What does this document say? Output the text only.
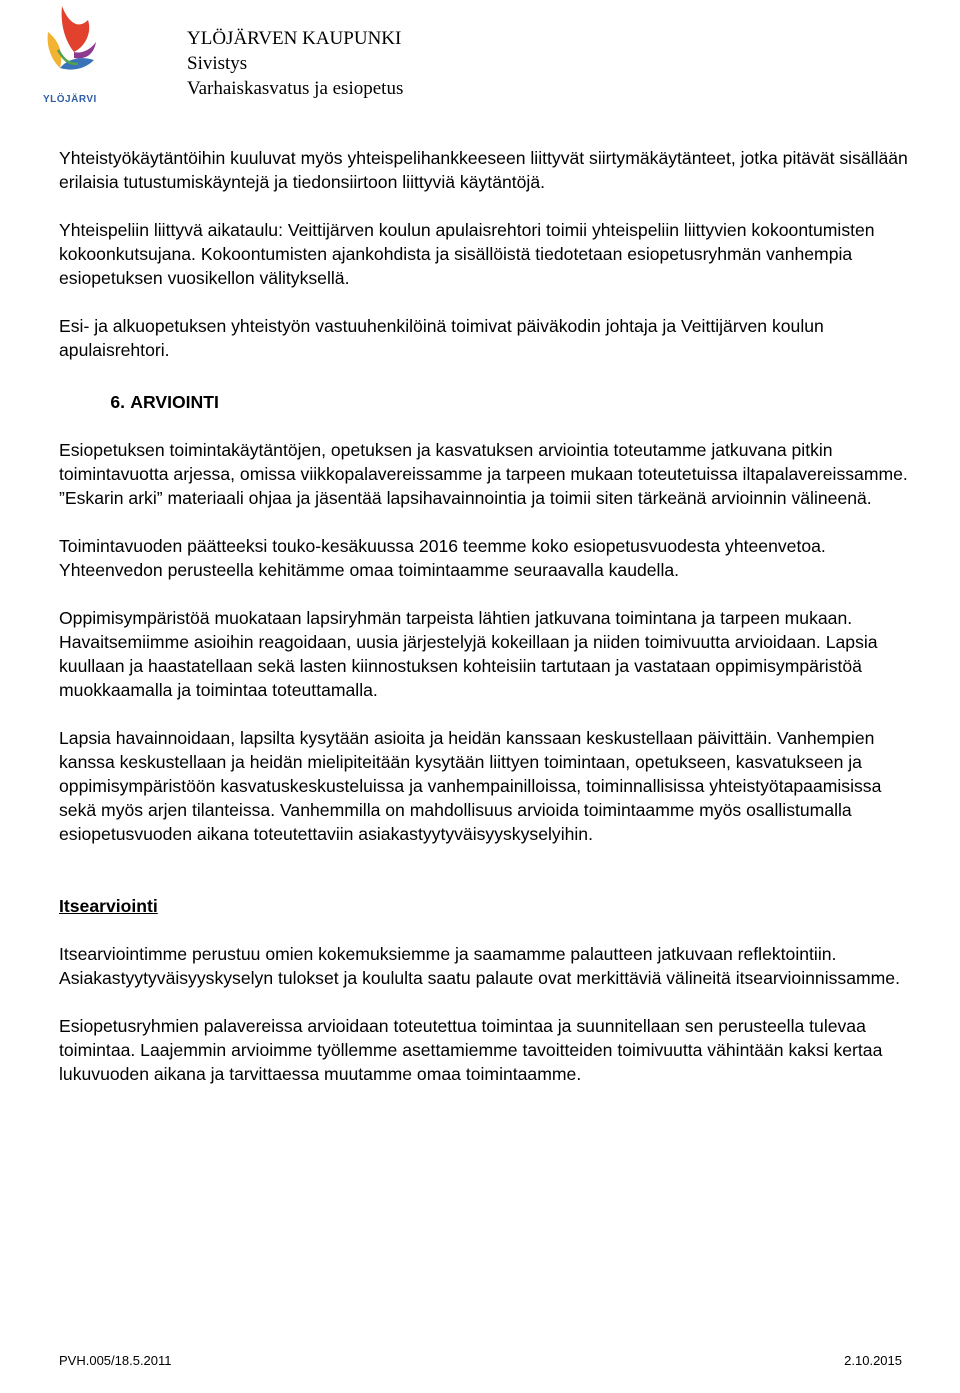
YLÖJÄRVI
YLÖJÄRVEN KAUPUNKI
Sivistys
Varhaiskasvatus ja esiopetus

Yhteistyökäytäntöihin kuuluvat myös yhteispelihankkeeseen liittyvät siirtymäkäytänteet, jotka pitävät sisällään erilaisia tutustumiskäyntejä ja tiedonsiirtoon liittyviä käytäntöjä.

Yhteispeliin liittyvä aikataulu: Veittijärven koulun apulaisrehtori toimii yhteispeliin liittyvien kokoontumisten kokoonkutsujana. Kokoontumisten ajankohdista ja sisällöistä tiedotetaan esiopetusryhmän vanhempia esiopetuksen vuosikellon välityksellä.

Esi- ja alkuopetuksen yhteistyön vastuuhenkilöinä toimivat päiväkodin johtaja ja Veittijärven koulun apulaisrehtori.

6. ARVIOINTI

Esiopetuksen toimintakäytäntöjen, opetuksen ja kasvatuksen arviointia toteutamme jatkuvana pitkin toimintavuotta arjessa, omissa viikkopalavereissamme ja tarpeen mukaan toteutetuissa iltapalavereissamme. ”Eskarin arki” materiaali ohjaa ja jäsentää lapsihavainnointia ja toimii siten tärkeänä arvioinnin välineenä.

Toimintavuoden päätteeksi touko-kesäkuussa 2016 teemme koko esiopetusvuodesta yhteenvetoa. Yhteenvedon perusteella kehitämme omaa toimintaamme seuraavalla kaudella.

Oppimisympäristöä muokataan lapsiryhmän tarpeista lähtien jatkuvana toimintana ja tarpeen mukaan. Havaitsemiimme asioihin reagoidaan, uusia järjestelyjä kokeillaan ja niiden toimivuutta arvioidaan. Lapsia kuullaan ja haastatellaan sekä lasten kiinnostuksen kohteisiin tartutaan ja vastataan oppimisympäristöä muokkaamalla ja toimintaa toteuttamalla.

Lapsia havainnoidaan, lapsilta kysytään asioita ja heidän kanssaan keskustellaan päivittäin. Vanhempien kanssa keskustellaan ja heidän mielipiteitään kysytään liittyen toimintaan, opetukseen, kasvatukseen ja oppimisympäristöön kasvatuskeskusteluissa ja vanhempainilloissa, toiminnallisissa yhteistyötapaamisissa sekä myös arjen tilanteissa. Vanhemmilla on mahdollisuus arvioida toimintaamme myös osallistumalla esiopetusvuoden aikana toteutettaviin asiakastyytyväisyyskyselyihin.

Itsearviointi

Itsearviointimme perustuu omien kokemuksiemme ja saamamme palautteen jatkuvaan reflektointiin. Asiakastyytyväisyyskyselyn tulokset ja koululta saatu palaute ovat merkittäviä välineitä itsearvioinnissamme.

Esiopetusryhmien palavereissa arvioidaan toteutettua toimintaa ja suunnitellaan sen perusteella tulevaa toimintaa. Laajemmin arvioimme työllemme asettamiemme tavoitteiden toimivuutta vähintään kaksi kertaa lukuvuoden aikana ja tarvittaessa muutamme omaa toimintaamme.

PVH.005/18.5.2011	2.10.2015
